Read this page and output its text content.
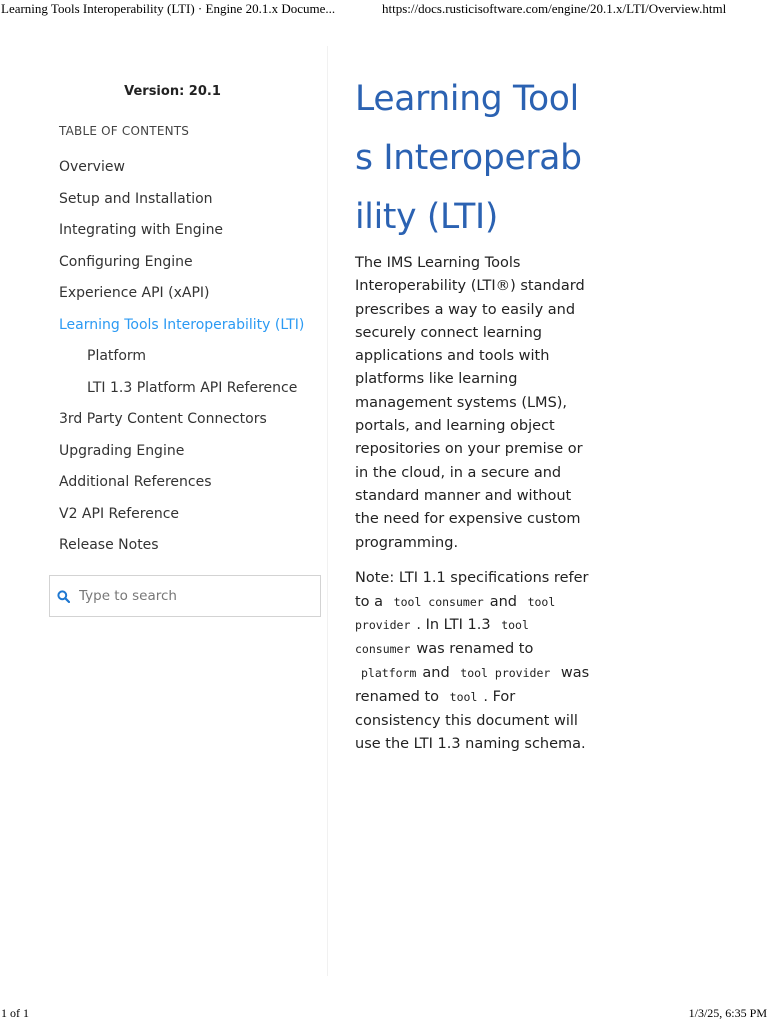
Learning Tools Interoperability (LTI) · Engine 20.1.x Docume...	https://docs.rusticisoftware.com/engine/20.1.x/LTI/Overview.html
Version: 20.1
TABLE OF CONTENTS
Overview
Setup and Installation
Integrating with Engine
Configuring Engine
Experience API (xAPI)
Learning Tools Interoperability (LTI)
Platform
LTI 1.3 Platform API Reference
3rd Party Content Connectors
Upgrading Engine
Additional References
V2 API Reference
Release Notes
Type to search
Learning Tools Interoperability (LTI)

The IMS Learning Tools Interoperability (LTI®) standard prescribes a way to easily and securely connect learning applications and tools with platforms like learning management systems (LMS), portals, and learning object repositories on your premise or in the cloud, in a secure and standard manner and without the need for expensive custom programming.

Note: LTI 1.1 specifications refer to a tool consumer and tool provider . In LTI 1.3 tool consumer was renamed to platform and tool provider was renamed to tool . For consistency this document will use the LTI 1.3 naming schema.

1 of 1	1/3/25, 6:35 PM
